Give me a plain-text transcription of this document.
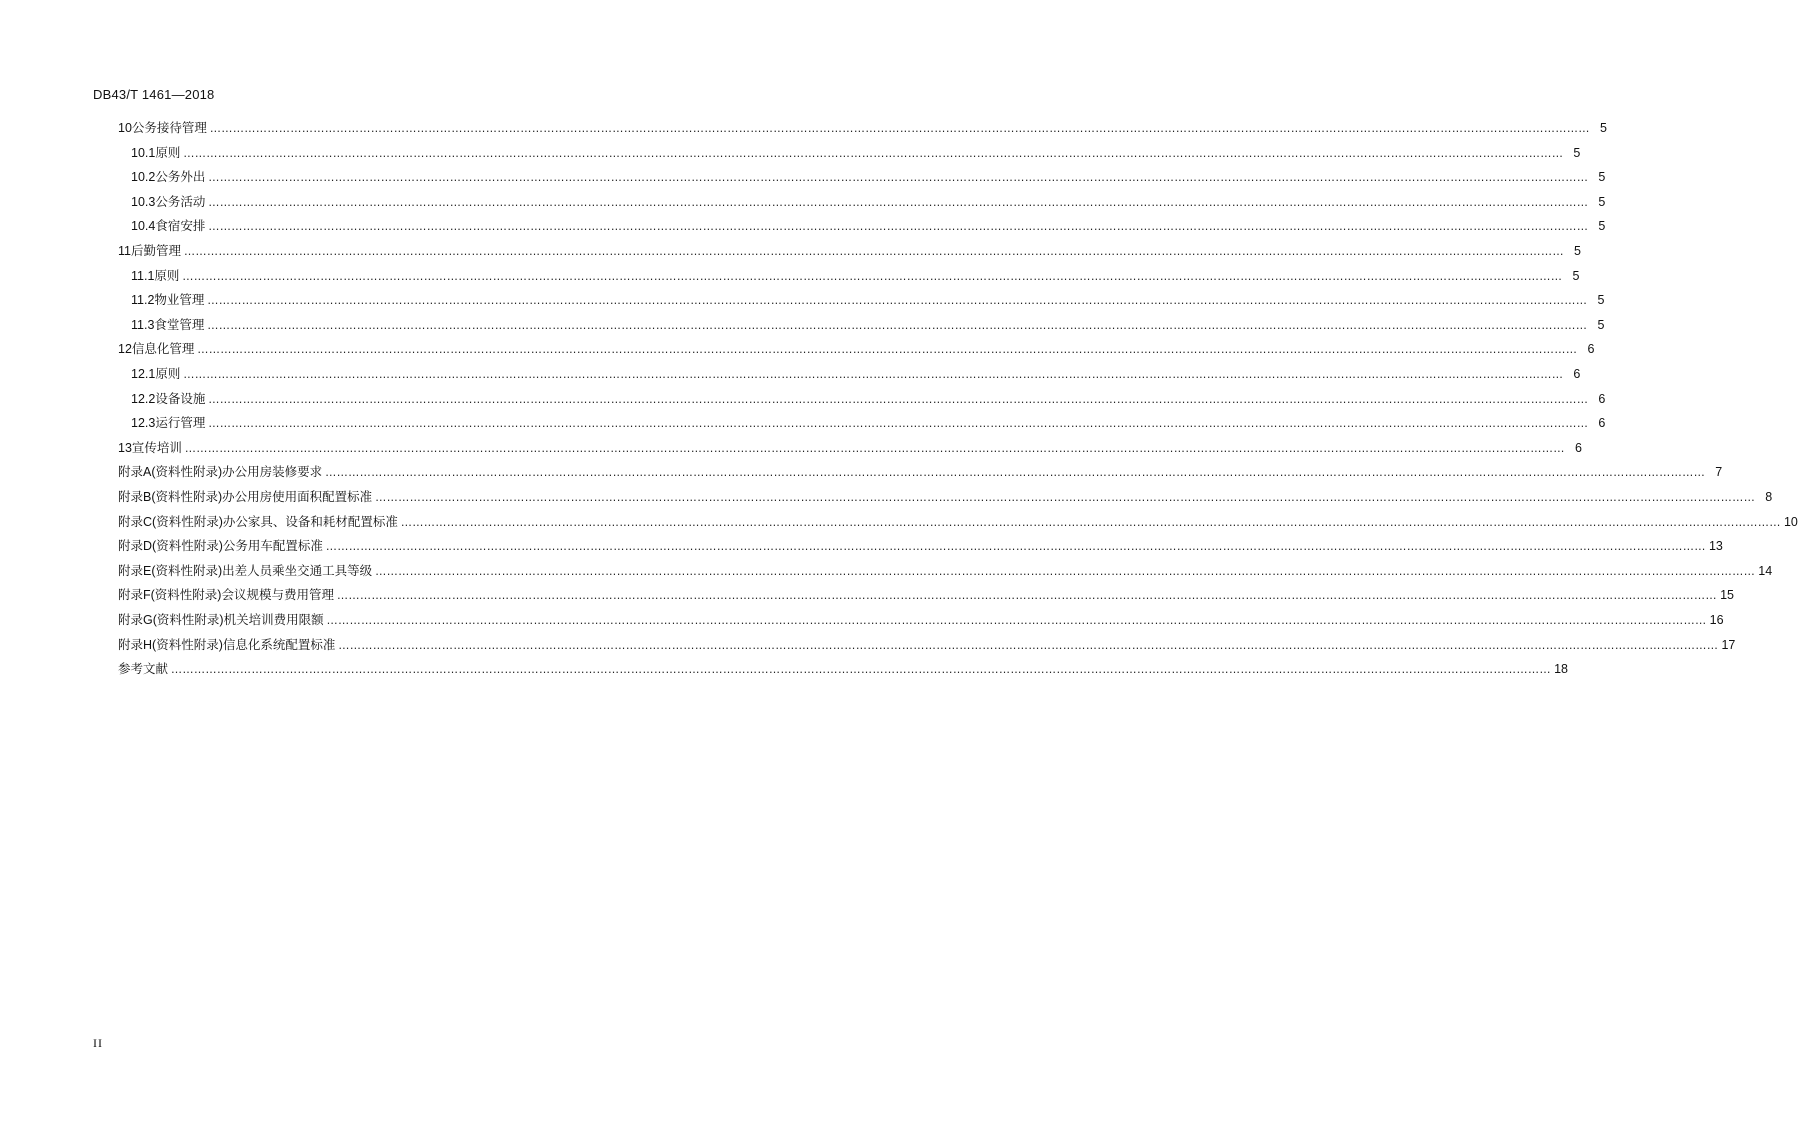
DB43/T 1461—2018
10 公务接待管理 ……………………………………………………………………………………………………………………………………………………………………………………………………………………………………………………………………………………………………………………………… 5
10.1 原则 ……………………………………………………………………………………………………………………………………………………………………………………………………………………………………………………………………………………………………………………………… 5
10.2 公务外出 ……………………………………………………………………………………………………………………………………………………………………………………………………………………………………………………………………………………………………………………………… 5
10.3 公务活动 ……………………………………………………………………………………………………………………………………………………………………………………………………………………………………………………………………………………………………………………………… 5
10.4 食宿安排 ……………………………………………………………………………………………………………………………………………………………………………………………………………………………………………………………………………………………………………………………… 5
11 后勤管理 ……………………………………………………………………………………………………………………………………………………………………………………………………………………………………………………………………………………………………………………………… 5
11.1 原则 ……………………………………………………………………………………………………………………………………………………………………………………………………………………………………………………………………………………………………………………………… 5
11.2 物业管理 ……………………………………………………………………………………………………………………………………………………………………………………………………………………………………………………………………………………………………………………………… 5
11.3 食堂管理 ……………………………………………………………………………………………………………………………………………………………………………………………………………………………………………………………………………………………………………………………… 5
12 信息化管理 ……………………………………………………………………………………………………………………………………………………………………………………………………………………………………………………………………………………………………………………………… 6
12.1 原则 ……………………………………………………………………………………………………………………………………………………………………………………………………………………………………………………………………………………………………………………………… 6
12.2 设备设施 ……………………………………………………………………………………………………………………………………………………………………………………………………………………………………………………………………………………………………………………………… 6
12.3 运行管理 ……………………………………………………………………………………………………………………………………………………………………………………………………………………………………………………………………………………………………………………………… 6
13 宣传培训 ……………………………………………………………………………………………………………………………………………………………………………………………………………………………………………………………………………………………………………………………… 6
附录A(资料性附录) 办公用房装修要求 ……………………………………………………………………………………………………………………………………………………………………………………………………………………………………………………………………………………………………………………………… 7
附录B(资料性附录) 办公用房使用面积配置标准 ……………………………………………………………………………………………………………………………………………………………………………………………………………………………………………………………………………………………………………………………… 8
附录C(资料性附录) 办公家具、设备和耗材配置标准 ……………………………………………………………………………………………………………………………………………………………………………………………………………………………………………………………………………………………………………………………… 10
附录D(资料性附录) 公务用车配置标准 ……………………………………………………………………………………………………………………………………………………………………………………………………………………………………………………………………………………………………………………………… 13
附录E(资料性附录) 出差人员乘坐交通工具等级 ……………………………………………………………………………………………………………………………………………………………………………………………………………………………………………………………………………………………………………………………… 14
附录F(资料性附录) 会议规模与费用管理 ……………………………………………………………………………………………………………………………………………………………………………………………………………………………………………………………………………………………………………………………… 15
附录G(资料性附录) 机关培训费用限额 ……………………………………………………………………………………………………………………………………………………………………………………………………………………………………………………………………………………………………………………………… 16
附录H(资料性附录) 信息化系统配置标准 ……………………………………………………………………………………………………………………………………………………………………………………………………………………………………………………………………………………………………………………………… 17
参考文献 ……………………………………………………………………………………………………………………………………………………………………………………………………………………………………………………………………………………………………………………………… 18
II
